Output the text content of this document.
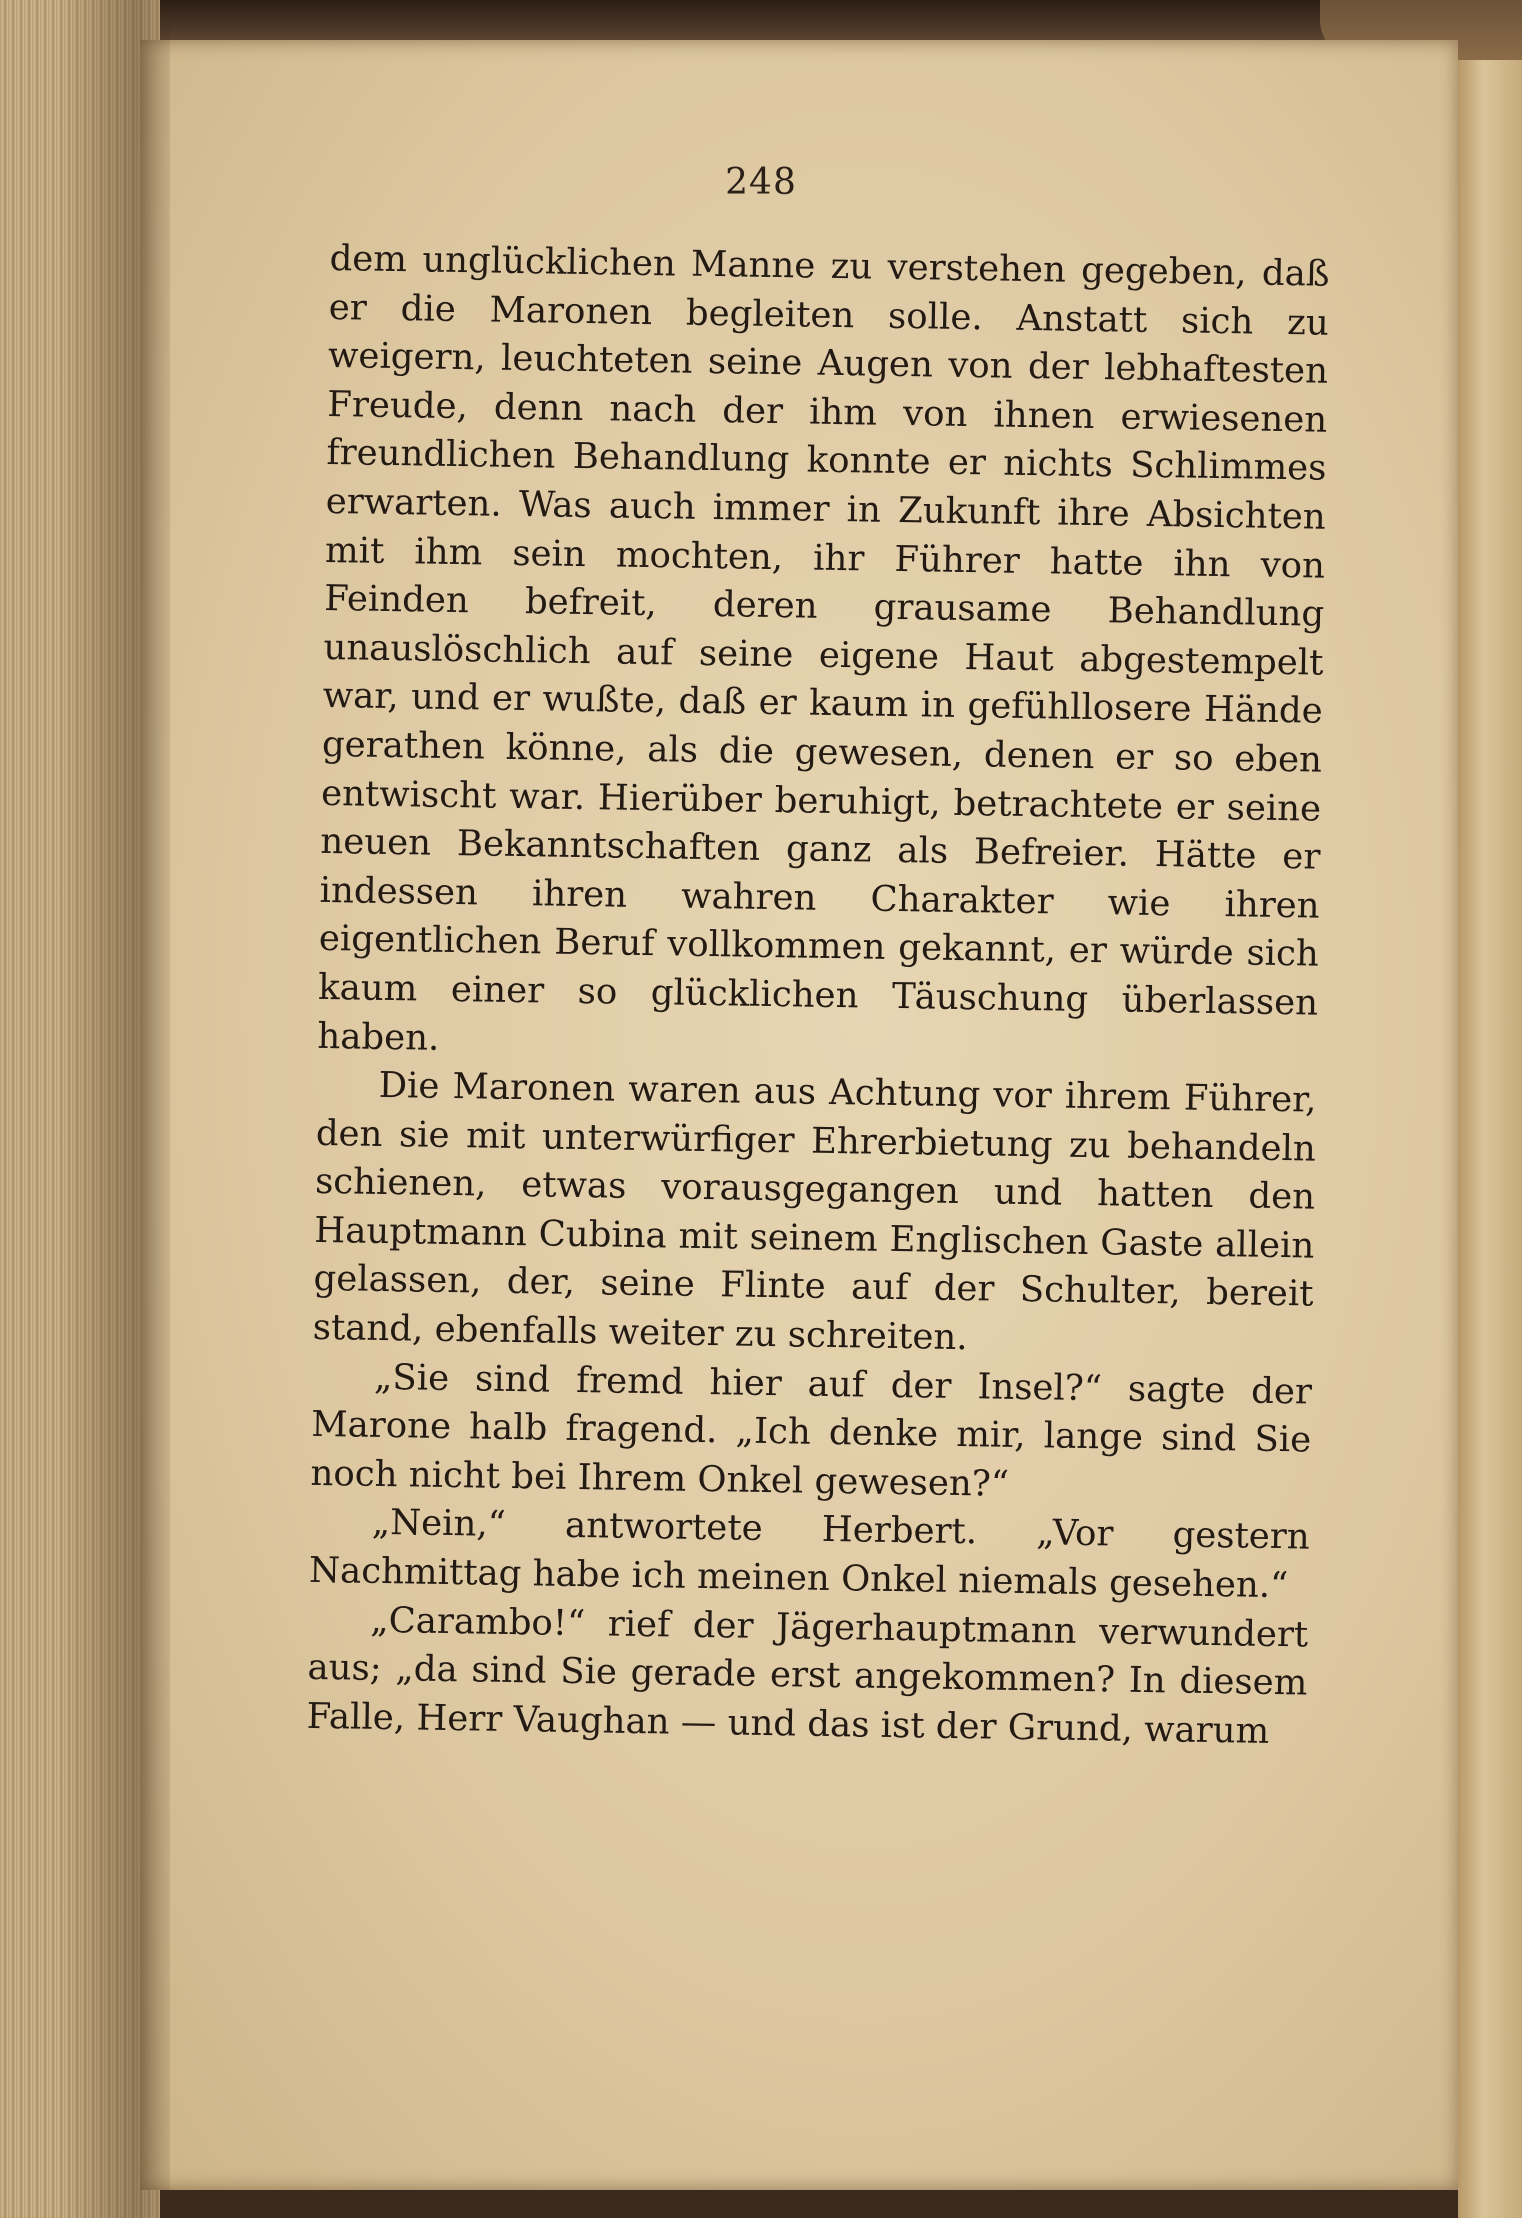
248

dem unglücklichen Manne zu verstehen gegeben, daß er die Maronen begleiten solle. Anstatt sich zu weigern, leuchteten seine Augen von der lebhaftesten Freude, denn nach der ihm von ihnen erwiesenen freundlichen Behandlung konnte er nichts Schlimmes erwarten. Was auch immer in Zukunft ihre Absichten mit ihm sein mochten, ihr Führer hatte ihn von Feinden befreit, deren grausame Behandlung unauslöschlich auf seine eigene Haut abgestempelt war, und er wußte, daß er kaum in gefühllosere Hände gerathen könne, als die gewesen, denen er so eben entwischt war. Hierüber beruhigt, betrachtete er seine neuen Bekanntschaften ganz als Befreier. Hätte er indessen ihren wahren Charakter wie ihren eigentlichen Beruf vollkommen gekannt, er würde sich kaum einer so glücklichen Täuschung überlassen haben.

Die Maronen waren aus Achtung vor ihrem Führer, den sie mit unterwürfiger Ehrerbietung zu behandeln schienen, etwas vorausgegangen und hatten den Hauptmann Cubina mit seinem Englischen Gaste allein gelassen, der, seine Flinte auf der Schulter, bereit stand, ebenfalls weiter zu schreiten.

„Sie sind fremd hier auf der Insel?“ sagte der Marone halb fragend. „Ich denke mir, lange sind Sie noch nicht bei Ihrem Onkel gewesen?“

„Nein,“ antwortete Herbert. „Vor gestern Nachmittag habe ich meinen Onkel niemals gesehen.“

„Carambo!“ rief der Jägerhauptmann verwundert aus; „da sind Sie gerade erst angekommen? In diesem Falle, Herr Vaughan — und das ist der Grund, warum
